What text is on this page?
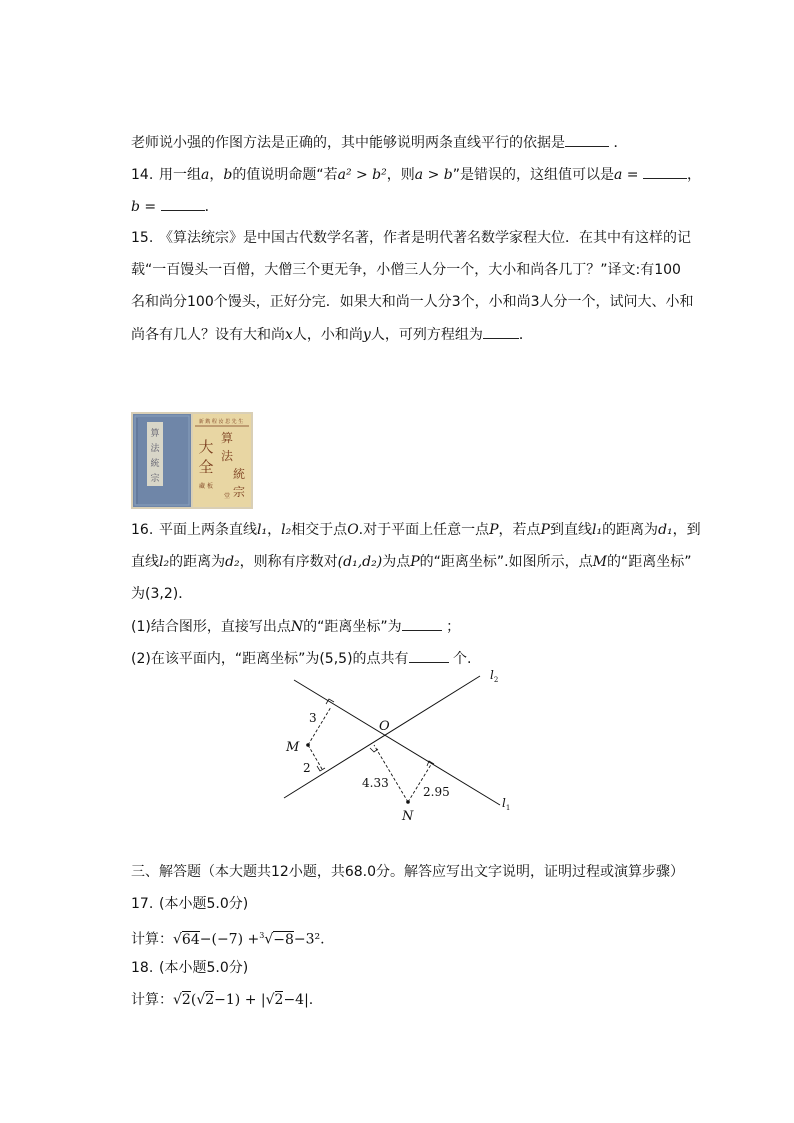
老师说小强的作图方法是正确的，其中能够说明两条直线平行的依据是	．
14. 用一组a，b的值说明命题“若a² > b²，则a > b”是错误的，这组值可以是a =	，
b =	．
15. 《算法统宗》是中国古代数学名著，作者是明代著名数学家程大位．在其中有这样的记
载“一百馒头一百僧，大僧三个更无争，小僧三人分一个，大小和尚各几丁？”译文:有100
名和尚分100个馒头，正好分完．如果大和尚一人分3个，小和尚3人分一个，试问大、小和
尚各有几人？设有大和尚x人，小和尚y人，可列方程组为	．
算
法
統
宗
新 鎸 程 汝 思 先 生
大
全
算
法
統
宗
藏 板
堂
16. 平面上两条直线l₁，l₂相交于点O.对于平面上任意一点P，若点P到直线l₁的距离为d₁，到
直线l₂的距离为d₂，则称有序数对(d₁,d₂)为点P的“距离坐标”.如图所示，点M的“距离坐标”
为(3,2)．
(1)结合图形，直接写出点N的“距离坐标”为	；
(2)在该平面内，“距离坐标”为(5,5)的点共有	个.
O
M
N
3
2
4.33
2.95
$l_1$
$l_2$
三、解答题（本大题共12小题，共68.0分。解答应写出文字说明，证明过程或演算步骤）
17. (本小题5.0分)
计算：√64−(−7) +$^3$√−8−3².
18. (本小题5.0分)
计算：√2(√2−1) + |√2−4|.
